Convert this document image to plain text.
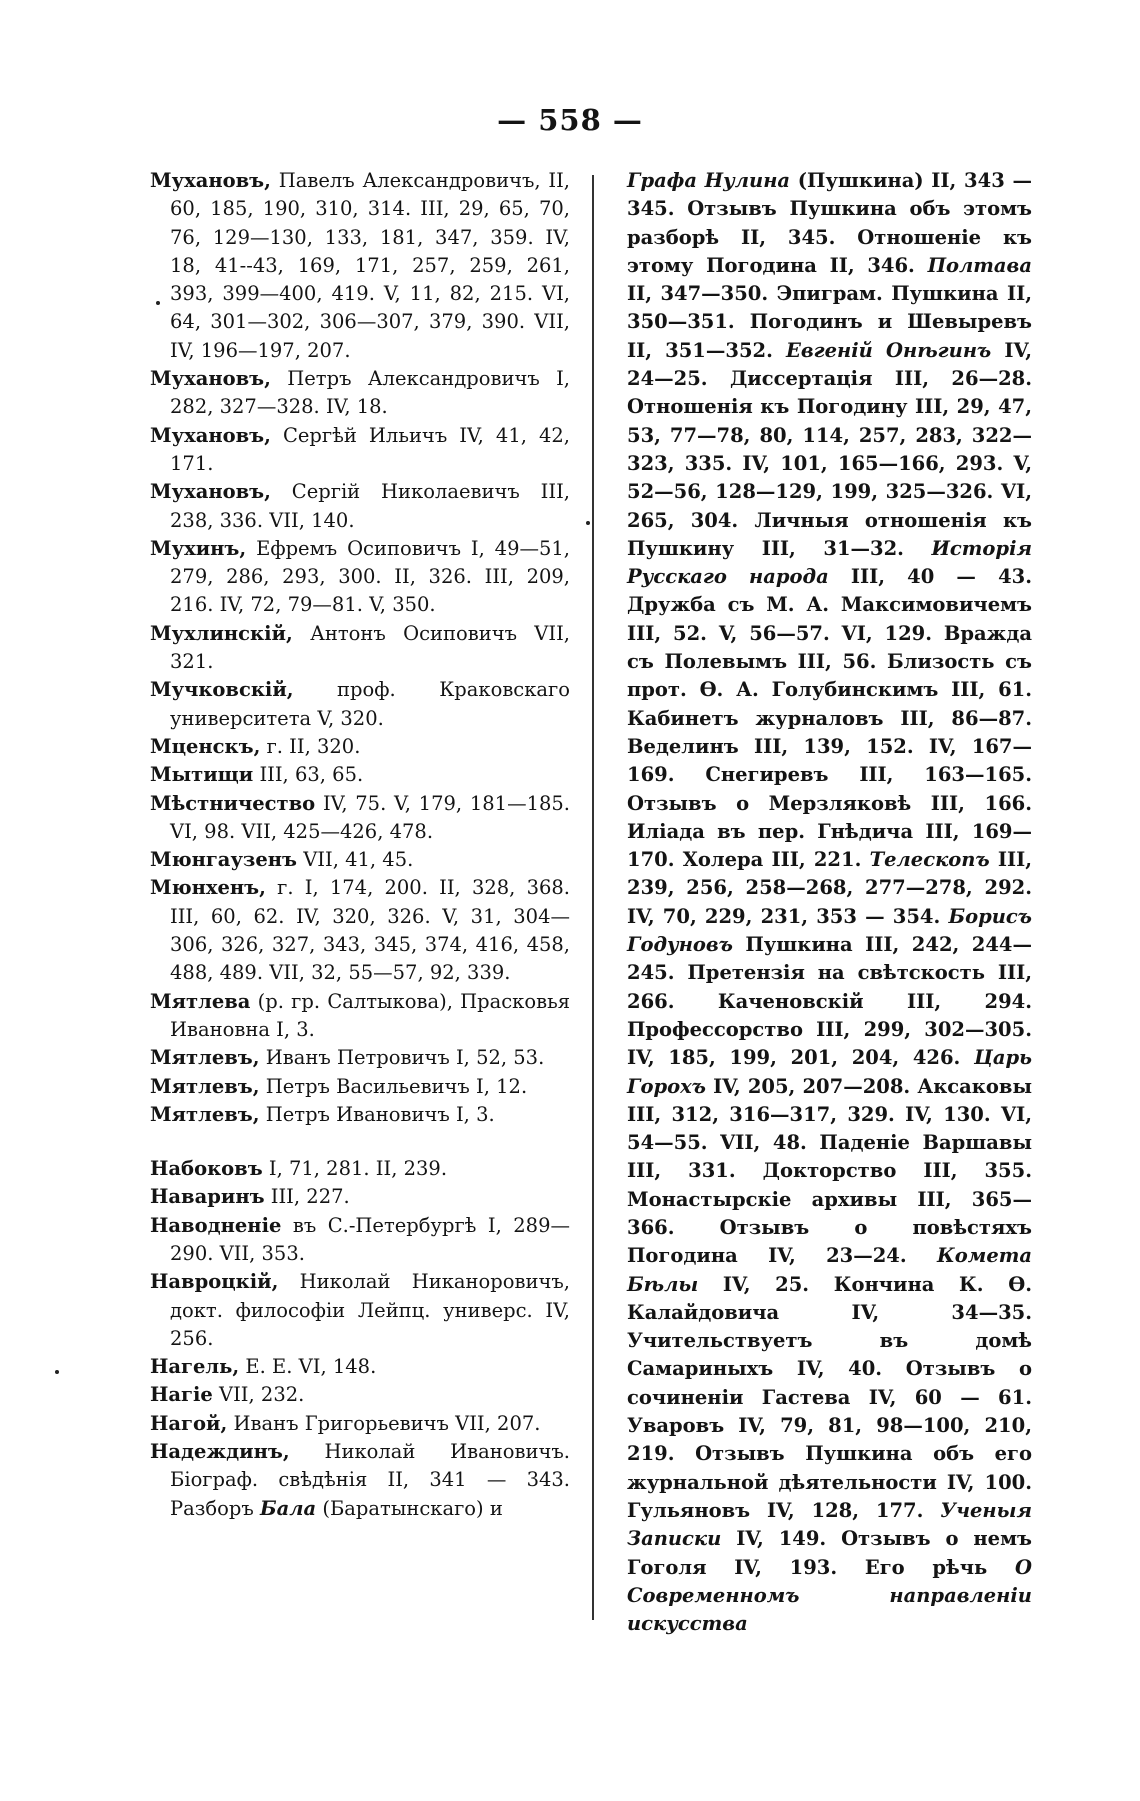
— 558 —
Мухановъ, Павелъ Александровичъ, II, 60, 185, 190, 310, 314. III, 29, 65, 70, 76, 129—130, 133, 181, 347, 359. IV, 18, 41--43, 169, 171, 257, 259, 261, 393, 399—400, 419. V, 11, 82, 215. VI, 64, 301—302, 306—307, 379, 390. VII, IV, 196—197, 207.
Мухановъ, Петръ Александровичъ I, 282, 327—328. IV, 18.
Мухановъ, Сергѣй Ильичъ IV, 41, 42, 171.
Мухановъ, Сергій Николаевичъ III, 238, 336. VII, 140.
Мухинъ, Ефремъ Осиповичъ I, 49—51, 279, 286, 293, 300. II, 326. III, 209, 216. IV, 72, 79—81. V, 350.
Мухлинскій, Антонъ Осиповичъ VII, 321.
Мучковскій, проф. Краковскаго университета V, 320.
Мценскъ, г. II, 320.
Мытищи III, 63, 65.
Мѣстничество IV, 75. V, 179, 181—185. VI, 98. VII, 425—426, 478.
Мюнгаузенъ VII, 41, 45.
Мюнхенъ, г. I, 174, 200. II, 328, 368. III, 60, 62. IV, 320, 326. V, 31, 304—306, 326, 327, 343, 345, 374, 416, 458, 488, 489. VII, 32, 55—57, 92, 339.
Мятлева (р. гр. Салтыкова), Прасковья Ивановна I, 3.
Мятлевъ, Иванъ Петровичъ I, 52, 53.
Мятлевъ, Петръ Васильевичъ I, 12.
Мятлевъ, Петръ Ивановичъ I, 3.
Набоковъ I, 71, 281. II, 239.
Наваринъ III, 227.
Наводненіе въ С.-Петербургѣ I, 289—290. VII, 353.
Навроцкій, Николай Никаноровичъ, докт. философіи Лейпц. универс. IV, 256.
Нагель, Е. Е. VI, 148.
Нагіе VII, 232.
Нагой, Иванъ Григорьевичъ VII, 207.
Надеждинъ, Николай Ивановичъ. Біограф. свѣдѣнія II, 341 — 343. Разборъ Бала (Баратынскаго) и
Графа Нулина (Пушкина) II, 343 — 345. Отзывъ Пушкина объ этомъ разборѣ II, 345. Отношеніе къ этому Погодина II, 346. Полтава II, 347—350. Эпиграм. Пушкина II, 350—351. Погодинъ и Шевыревъ II, 351—352. Евгеній Онѣгинъ IV, 24—25. Диссертація III, 26—28. Отношенія къ Погодину III, 29, 47, 53, 77—78, 80, 114, 257, 283, 322—323, 335. IV, 101, 165—166, 293. V, 52—56, 128—129, 199, 325—326. VI, 265, 304. Личныя отношенія къ Пушкину III, 31—32. Исторія Русскаго народа III, 40 — 43. Дружба съ М. А. Максимовичемъ III, 52. V, 56—57. VI, 129. Вражда съ Полевымъ III, 56. Близость съ прот. Ѳ. А. Голубинскимъ III, 61. Кабинетъ журналовъ III, 86—87. Веделинъ III, 139, 152. IV, 167—169. Снегиревъ III, 163—165. Отзывъ о Мерзляковѣ III, 166. Иліада въ пер. Гнѣдича III, 169—170. Холера III, 221. Телескопъ III, 239, 256, 258—268, 277—278, 292. IV, 70, 229, 231, 353 — 354. Борисъ Годуновъ Пушкина III, 242, 244—245. Претензія на свѣтскость III, 266. Каченовскій III, 294. Профессорство III, 299, 302—305. IV, 185, 199, 201, 204, 426. Царь Горохъ IV, 205, 207—208. Аксаковы III, 312, 316—317, 329. IV, 130. VI, 54—55. VII, 48. Паденіе Варшавы III, 331. Докторство III, 355. Монастырскіе архивы III, 365—366. Отзывъ о повѣстяхъ Погодина IV, 23—24. Комета Бѣлы IV, 25. Кончина К. Ѳ. Калайдовича IV, 34—35. Учительствуетъ въ домѣ Самариныхъ IV, 40. Отзывъ о сочиненіи Гастева IV, 60 — 61. Уваровъ IV, 79, 81, 98—100, 210, 219. Отзывъ Пушкина объ его журнальной дѣятельности IV, 100. Гульяновъ IV, 128, 177. Ученыя Записки IV, 149. Отзывъ о немъ Гоголя IV, 193. Его рѣчь О Современномъ направленіи искусства
